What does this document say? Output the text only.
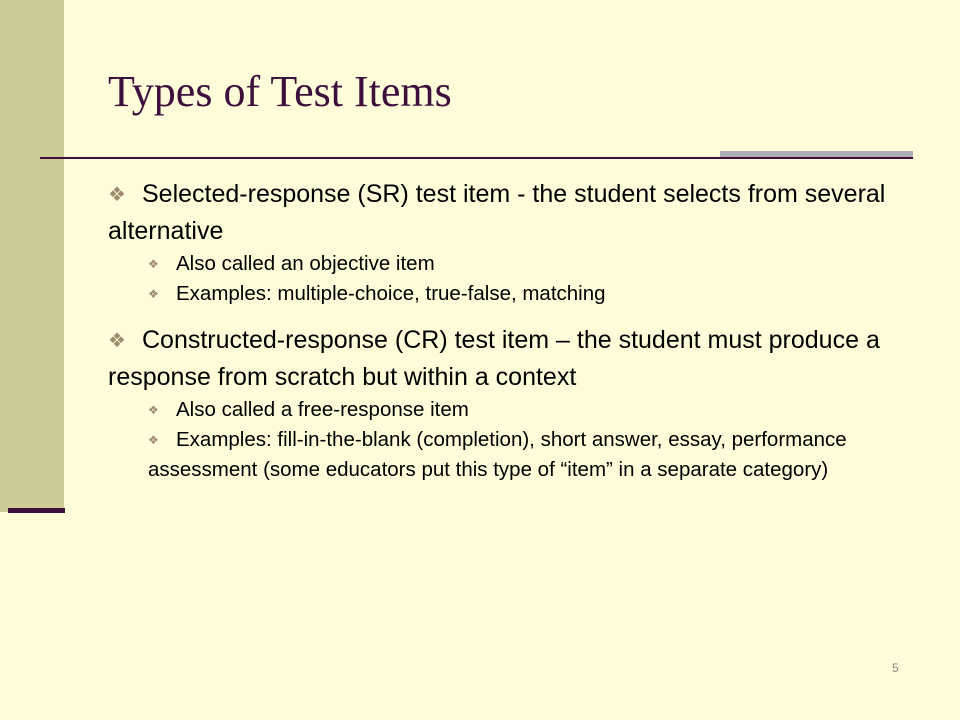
Types of Test Items
❖ Selected-response (SR) test item - the student selects from several alternative
❖ Also called an objective item
❖ Examples: multiple-choice, true-false, matching
❖ Constructed-response (CR) test item – the student must produce a response from scratch but within a context
❖ Also called a free-response item
❖ Examples: fill-in-the-blank (completion), short answer, essay, performance assessment (some educators put this type of “item” in a separate category)
5
